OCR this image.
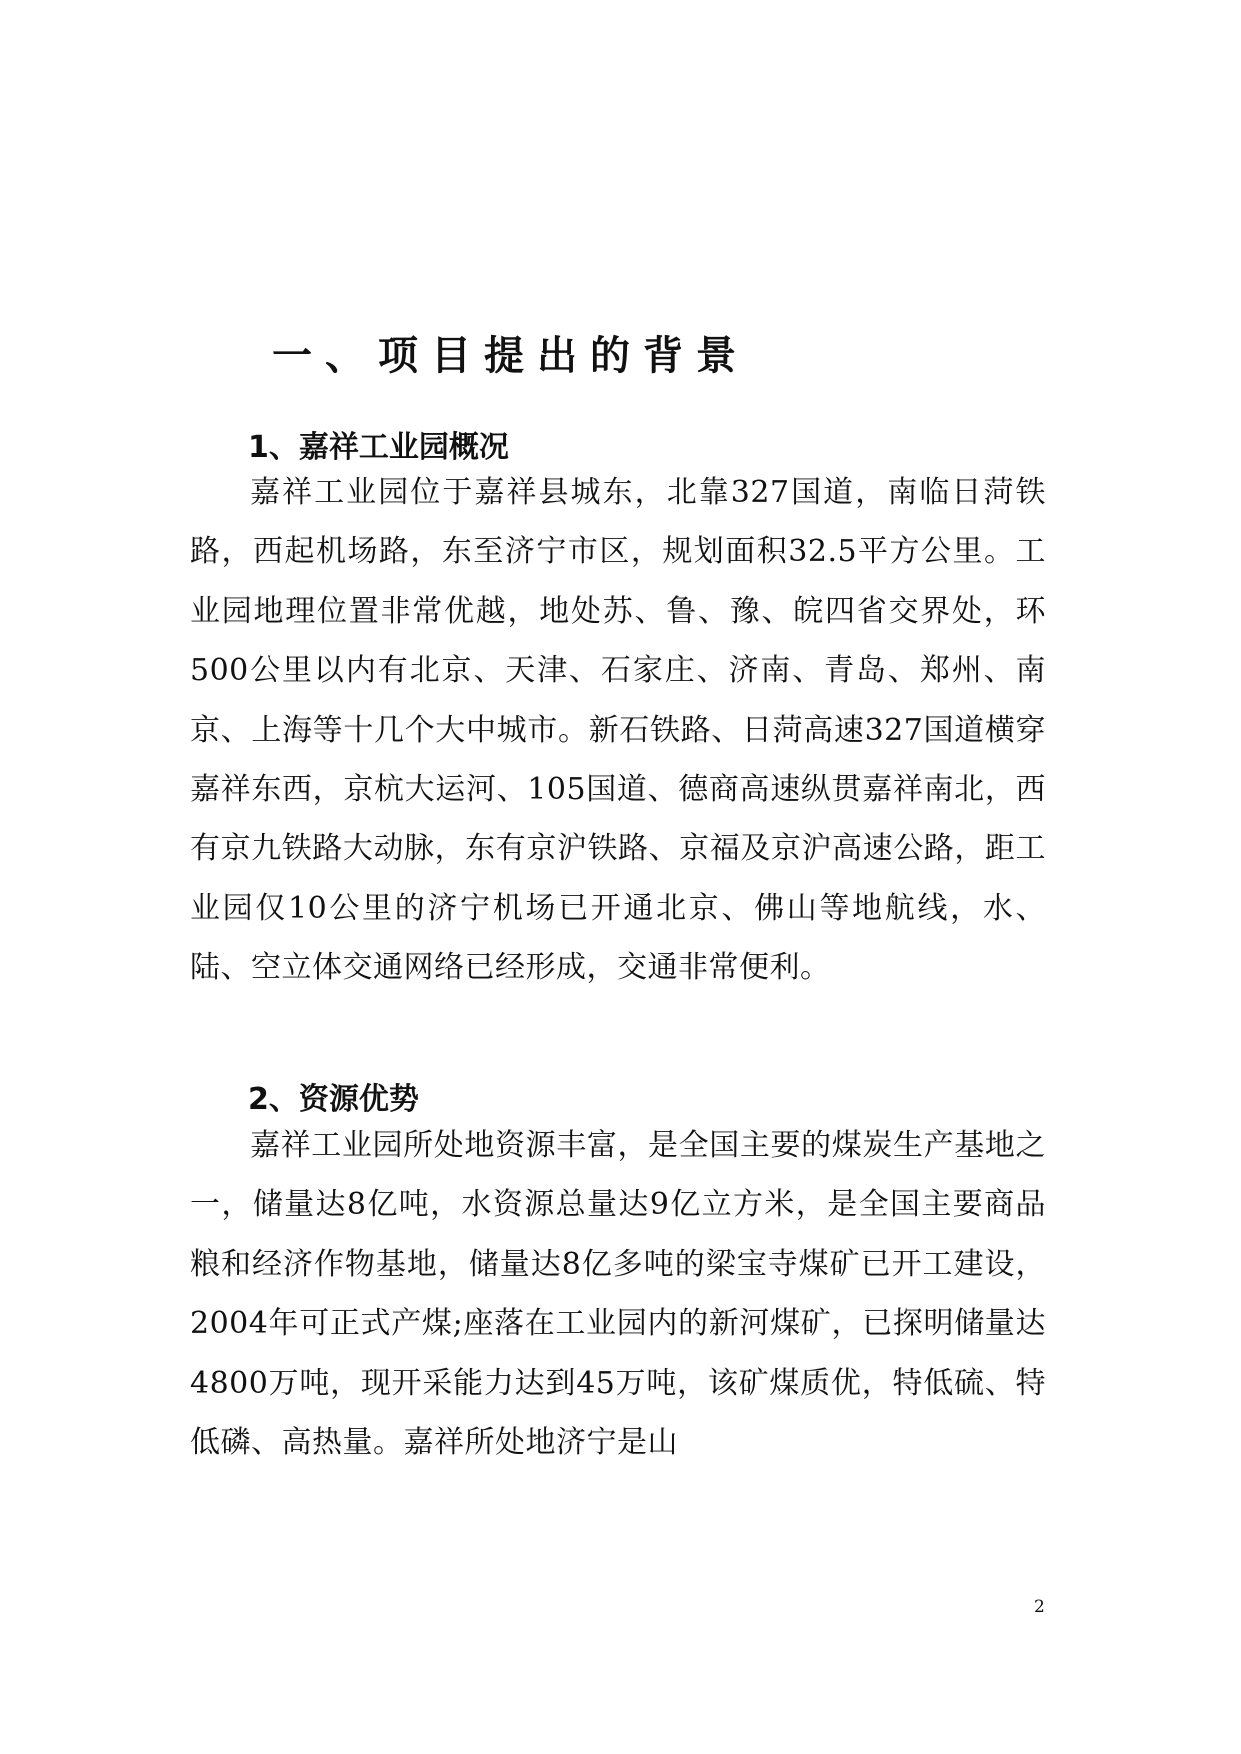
一、项目提出的背景
1、嘉祥工业园概况

嘉祥工业园位于嘉祥县城东，北靠327国道，南临日菏铁路，西起机场路，东至济宁市区，规划面积32.5平方公里。工业园地理位置非常优越，地处苏、鲁、豫、皖四省交界处，环500公里以内有北京、天津、石家庄、济南、青岛、郑州、南京、上海等十几个大中城市。新石铁路、日菏高速327国道横穿嘉祥东西，京杭大运河、105国道、德商高速纵贯嘉祥南北，西有京九铁路大动脉，东有京沪铁路、京福及京沪高速公路，距工业园仅10公里的济宁机场已开通北京、佛山等地航线，水、陆、空立体交通网络已经形成，交通非常便利。

2、资源优势

嘉祥工业园所处地资源丰富，是全国主要的煤炭生产基地之一，储量达8亿吨，水资源总量达9亿立方米，是全国主要商品粮和经济作物基地，储量达8亿多吨的梁宝寺煤矿已开工建设，2004年可正式产煤;座落在工业园内的新河煤矿，已探明储量达4800万吨，现开采能力达到45万吨，该矿煤质优，特低硫、特低磷、高热量。嘉祥所处地济宁是山

2
